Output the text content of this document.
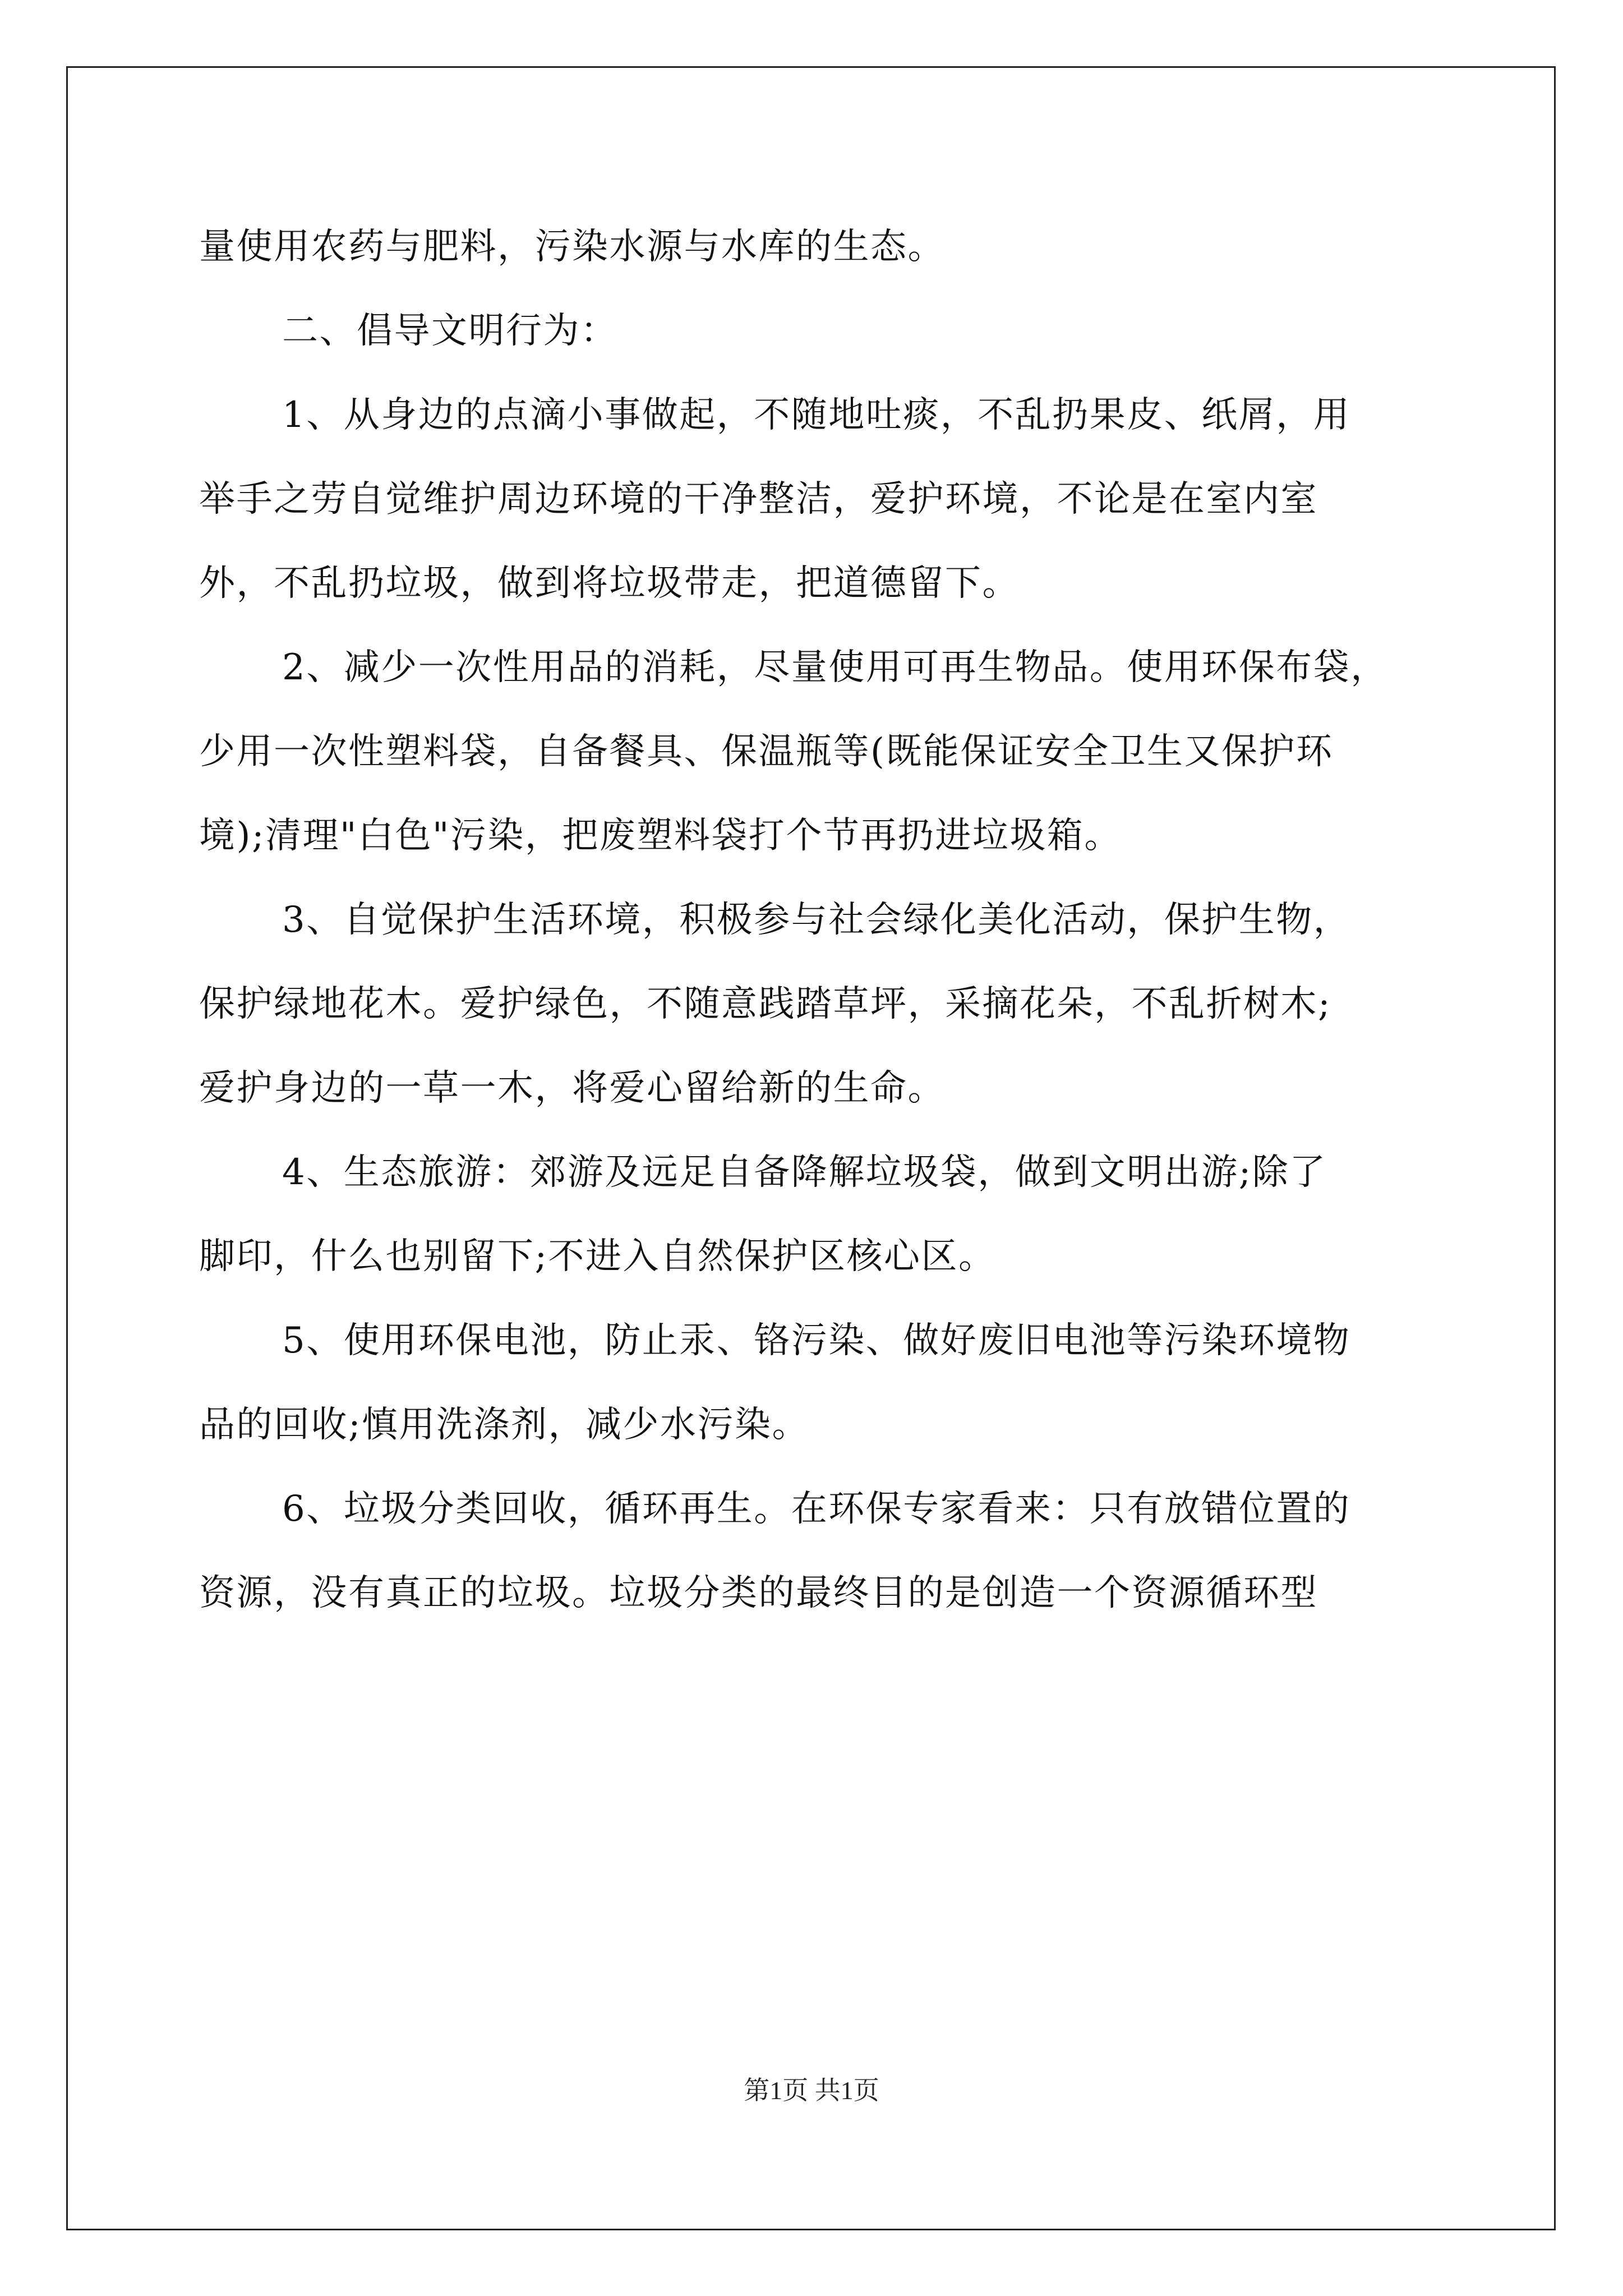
量使用农药与肥料，污染水源与水库的生态。
二、倡导文明行为：
1、从身边的点滴小事做起，不随地吐痰，不乱扔果皮、纸屑，用
举手之劳自觉维护周边环境的干净整洁，爱护环境，不论是在室内室
外，不乱扔垃圾，做到将垃圾带走，把道德留下。
2、减少一次性用品的消耗，尽量使用可再生物品。使用环保布袋，
少用一次性塑料袋，自备餐具、保温瓶等(既能保证安全卫生又保护环
境);清理"白色"污染，把废塑料袋打个节再扔进垃圾箱。
3、自觉保护生活环境，积极参与社会绿化美化活动，保护生物，
保护绿地花木。爱护绿色，不随意践踏草坪，采摘花朵，不乱折树木;
爱护身边的一草一木，将爱心留给新的生命。
4、生态旅游：郊游及远足自备降解垃圾袋，做到文明出游;除了
脚印，什么也别留下;不进入自然保护区核心区。
5、使用环保电池，防止汞、铬污染、做好废旧电池等污染环境物
品的回收;慎用洗涤剂，减少水污染。
6、垃圾分类回收，循环再生。在环保专家看来：只有放错位置的
资源，没有真正的垃圾。垃圾分类的最终目的是创造一个资源循环型
第1页 共1页
